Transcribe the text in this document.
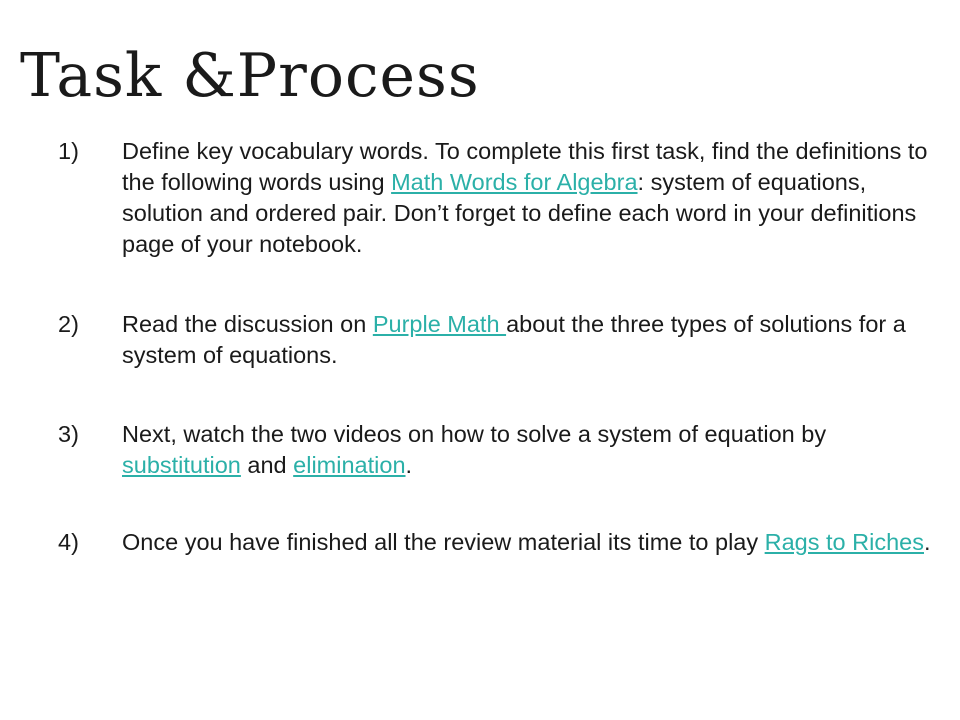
Task &Process
1) Define key vocabulary words. To complete this first task, find the definitions to the following words using Math Words for Algebra: system of equations, solution and ordered pair. Don’t forget to define each word in your definitions page of your notebook.
2) Read the discussion on Purple Math about the three types of solutions for a system of equations.
3) Next, watch the two videos on how to solve a system of equation by substitution and elimination.
4) Once you have finished all the review material its time to play Rags to Riches.
